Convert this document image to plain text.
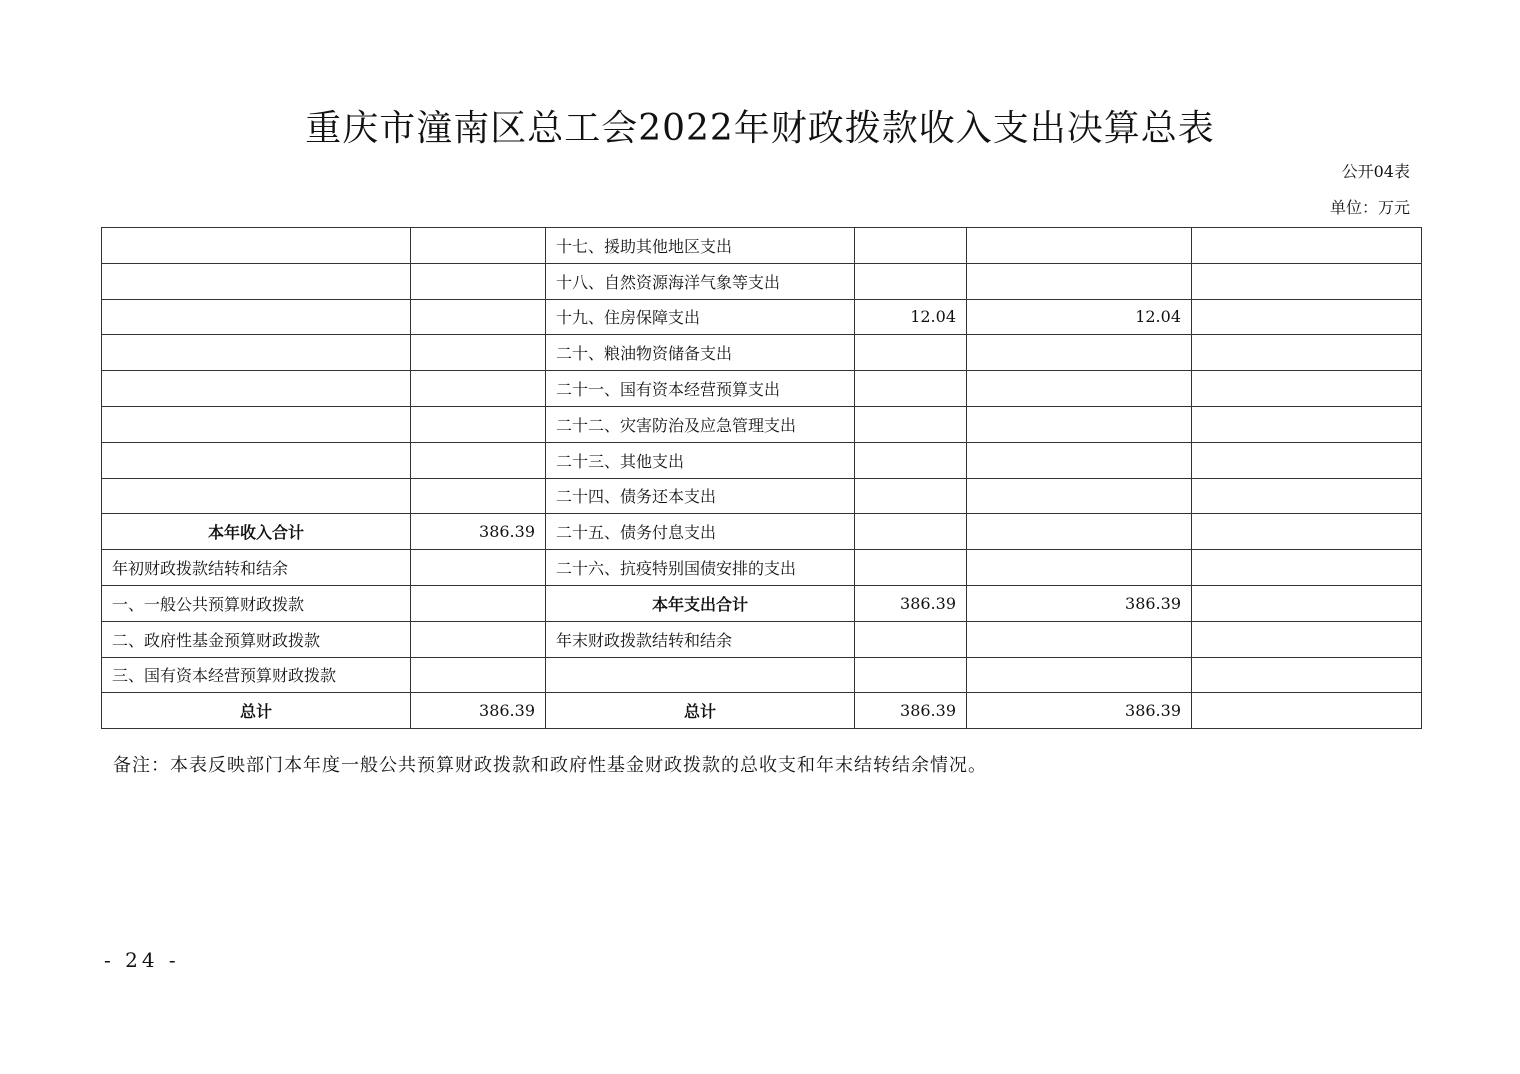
重庆市潼南区总工会2022年财政拨款收入支出决算总表
公开04表
单位：万元
		十七、援助其他地区支出			
		十八、自然资源海洋气象等支出			
		十九、住房保障支出	12.04	12.04	
		二十、粮油物资储备支出			
		二十一、国有资本经营预算支出			
		二十二、灾害防治及应急管理支出			
		二十三、其他支出			
		二十四、债务还本支出			
本年收入合计	386.39	二十五、债务付息支出			
年初财政拨款结转和结余		二十六、抗疫特别国债安排的支出			
一、一般公共预算财政拨款		本年支出合计	386.39	386.39	
二、政府性基金预算财政拨款		年末财政拨款结转和结余			
三、国有资本经营预算财政拨款					
总计	386.39	总计	386.39	386.39	
备注：本表反映部门本年度一般公共预算财政拨款和政府性基金财政拨款的总收支和年末结转结余情况。
- 24 -
